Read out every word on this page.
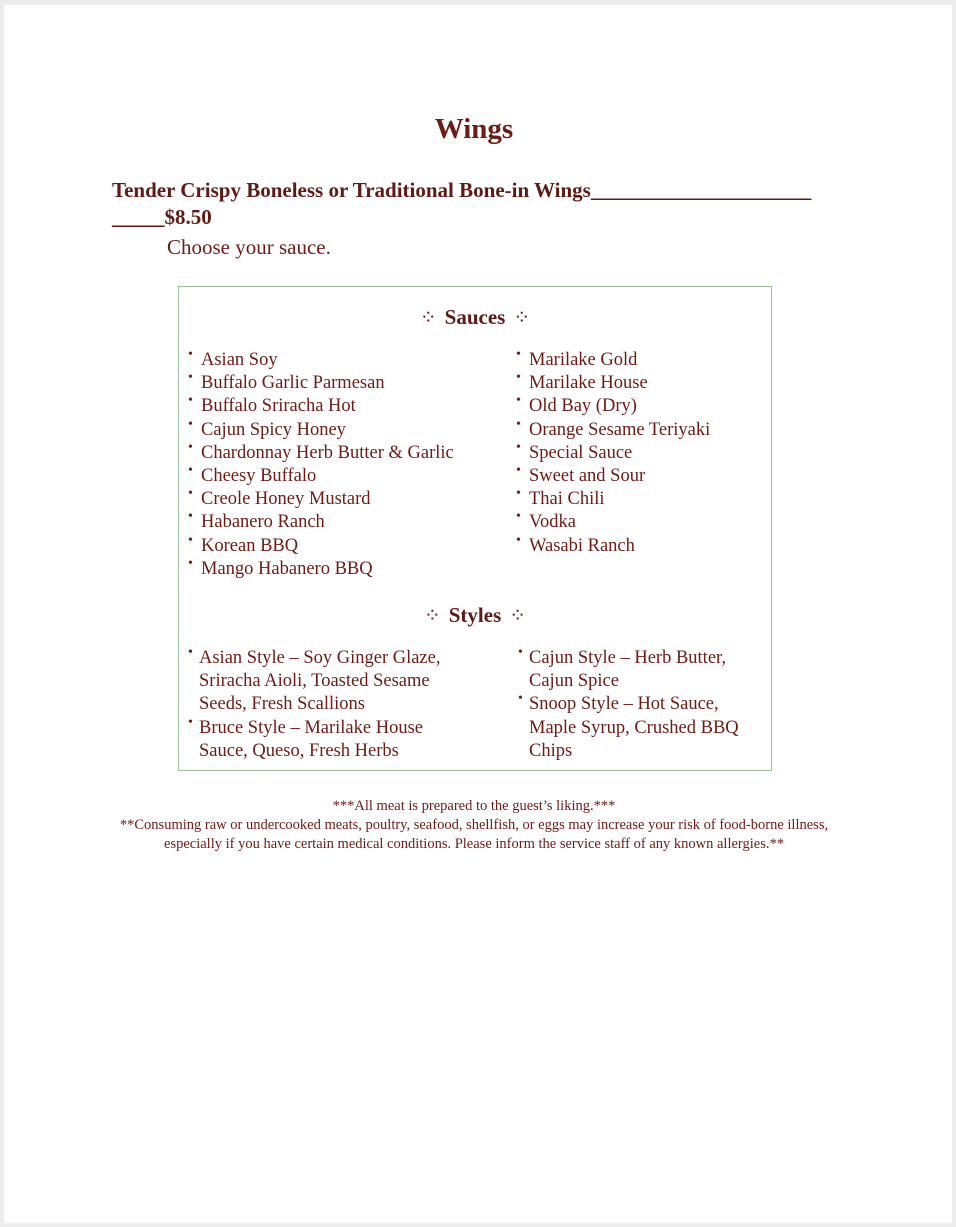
Wings
Tender Crispy Boneless or Traditional Bone-in Wings_____________________
_____$8.50
Choose your sauce.
⁘ Sauces ⁘
• Asian Soy
• Buffalo Garlic Parmesan
• Buffalo Sriracha Hot
• Cajun Spicy Honey
• Chardonnay Herb Butter & Garlic
• Cheesy Buffalo
• Creole Honey Mustard
• Habanero Ranch
• Korean BBQ
• Mango Habanero BBQ
• Marilake Gold
• Marilake House
• Old Bay (Dry)
• Orange Sesame Teriyaki
• Special Sauce
• Sweet and Sour
• Thai Chili
• Vodka
• Wasabi Ranch
⁘ Styles ⁘
• Asian Style – Soy Ginger Glaze, Sriracha Aioli, Toasted Sesame Seeds, Fresh Scallions
• Bruce Style – Marilake House Sauce, Queso, Fresh Herbs
• Cajun Style – Herb Butter, Cajun Spice
• Snoop Style – Hot Sauce, Maple Syrup, Crushed BBQ Chips
***All meat is prepared to the guest’s liking.***
**Consuming raw or undercooked meats, poultry, seafood, shellfish, or eggs may increase your risk of food-borne illness, especially if you have certain medical conditions. Please inform the service staff of any known allergies.**
